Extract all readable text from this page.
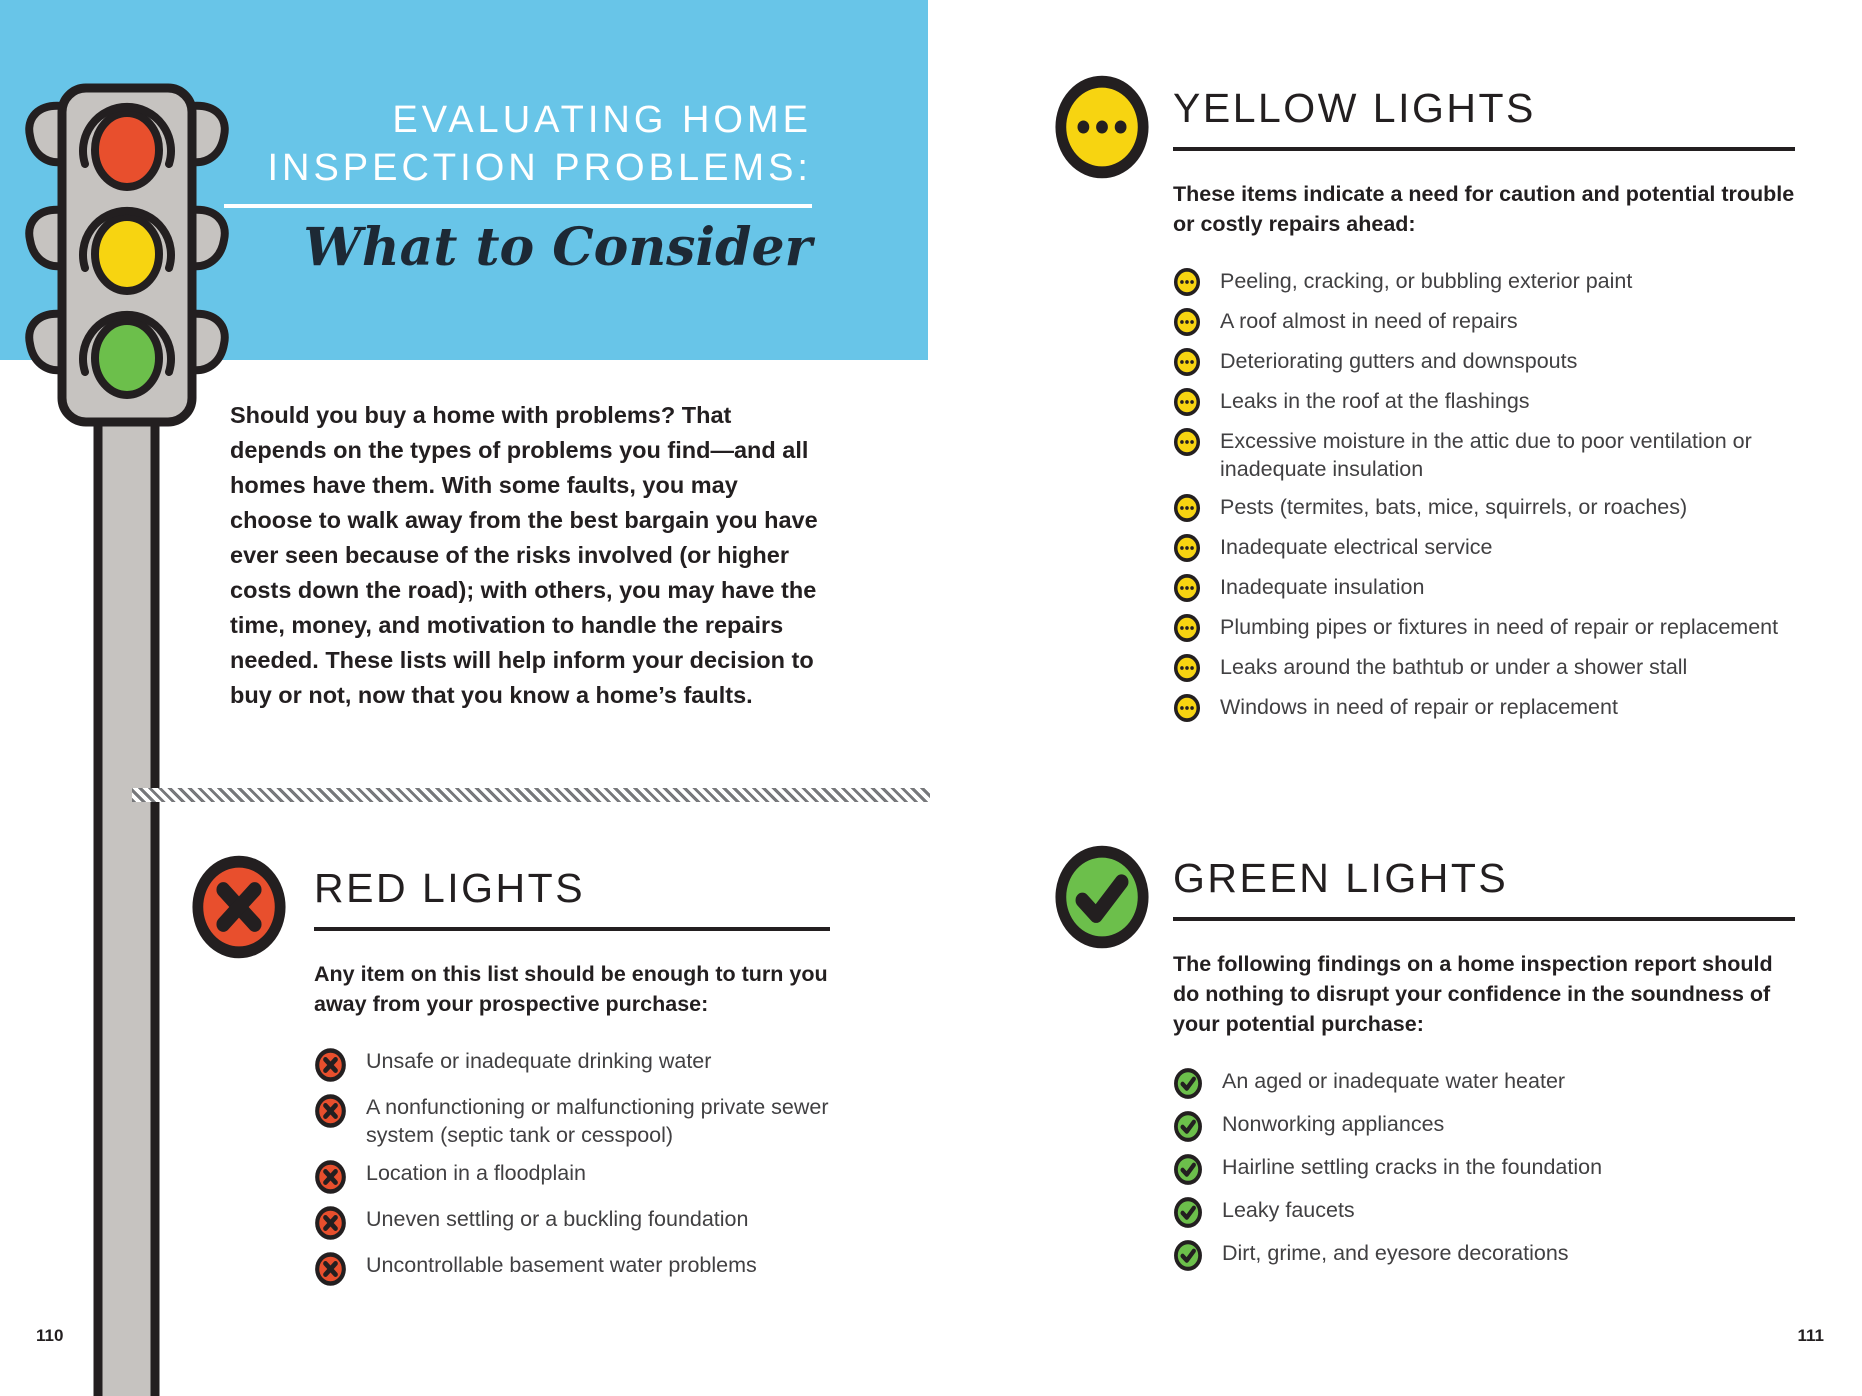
EVALUATING HOME
INSPECTION PROBLEMS:
What to Consider

Should you buy a home with problems? That depends on the types of problems you find—and all homes have them. With some faults, you may choose to walk away from the best bargain you have ever seen because of the risks involved (or higher costs down the road); with others, you may have the time, money, and motivation to handle the repairs needed. These lists will help inform your decision to buy or not, now that you know a home’s faults.

RED LIGHTS

Any item on this list should be enough to turn you away from your prospective purchase:

Unsafe or inadequate drinking water
A nonfunctioning or malfunctioning private sewer system (septic tank or cesspool)
Location in a floodplain
Uneven settling or a buckling foundation
Uncontrollable basement water problems
110
YELLOW LIGHTS

These items indicate a need for caution and potential trouble or costly repairs ahead:

Peeling, cracking, or bubbling exterior paint
A roof almost in need of repairs
Deteriorating gutters and downspouts
Leaks in the roof at the flashings
Excessive moisture in the attic due to poor ventilation or inadequate insulation
Pests (termites, bats, mice, squirrels, or roaches)
Inadequate electrical service
Inadequate insulation
Plumbing pipes or fixtures in need of repair or replacement
Leaks around the bathtub or under a shower stall
Windows in need of repair or replacement
GREEN LIGHTS

The following findings on a home inspection report should do nothing to disrupt your confidence in the soundness of your potential purchase:

An aged or inadequate water heater
Nonworking appliances
Hairline settling cracks in the foundation
Leaky faucets
Dirt, grime, and eyesore decorations
111
